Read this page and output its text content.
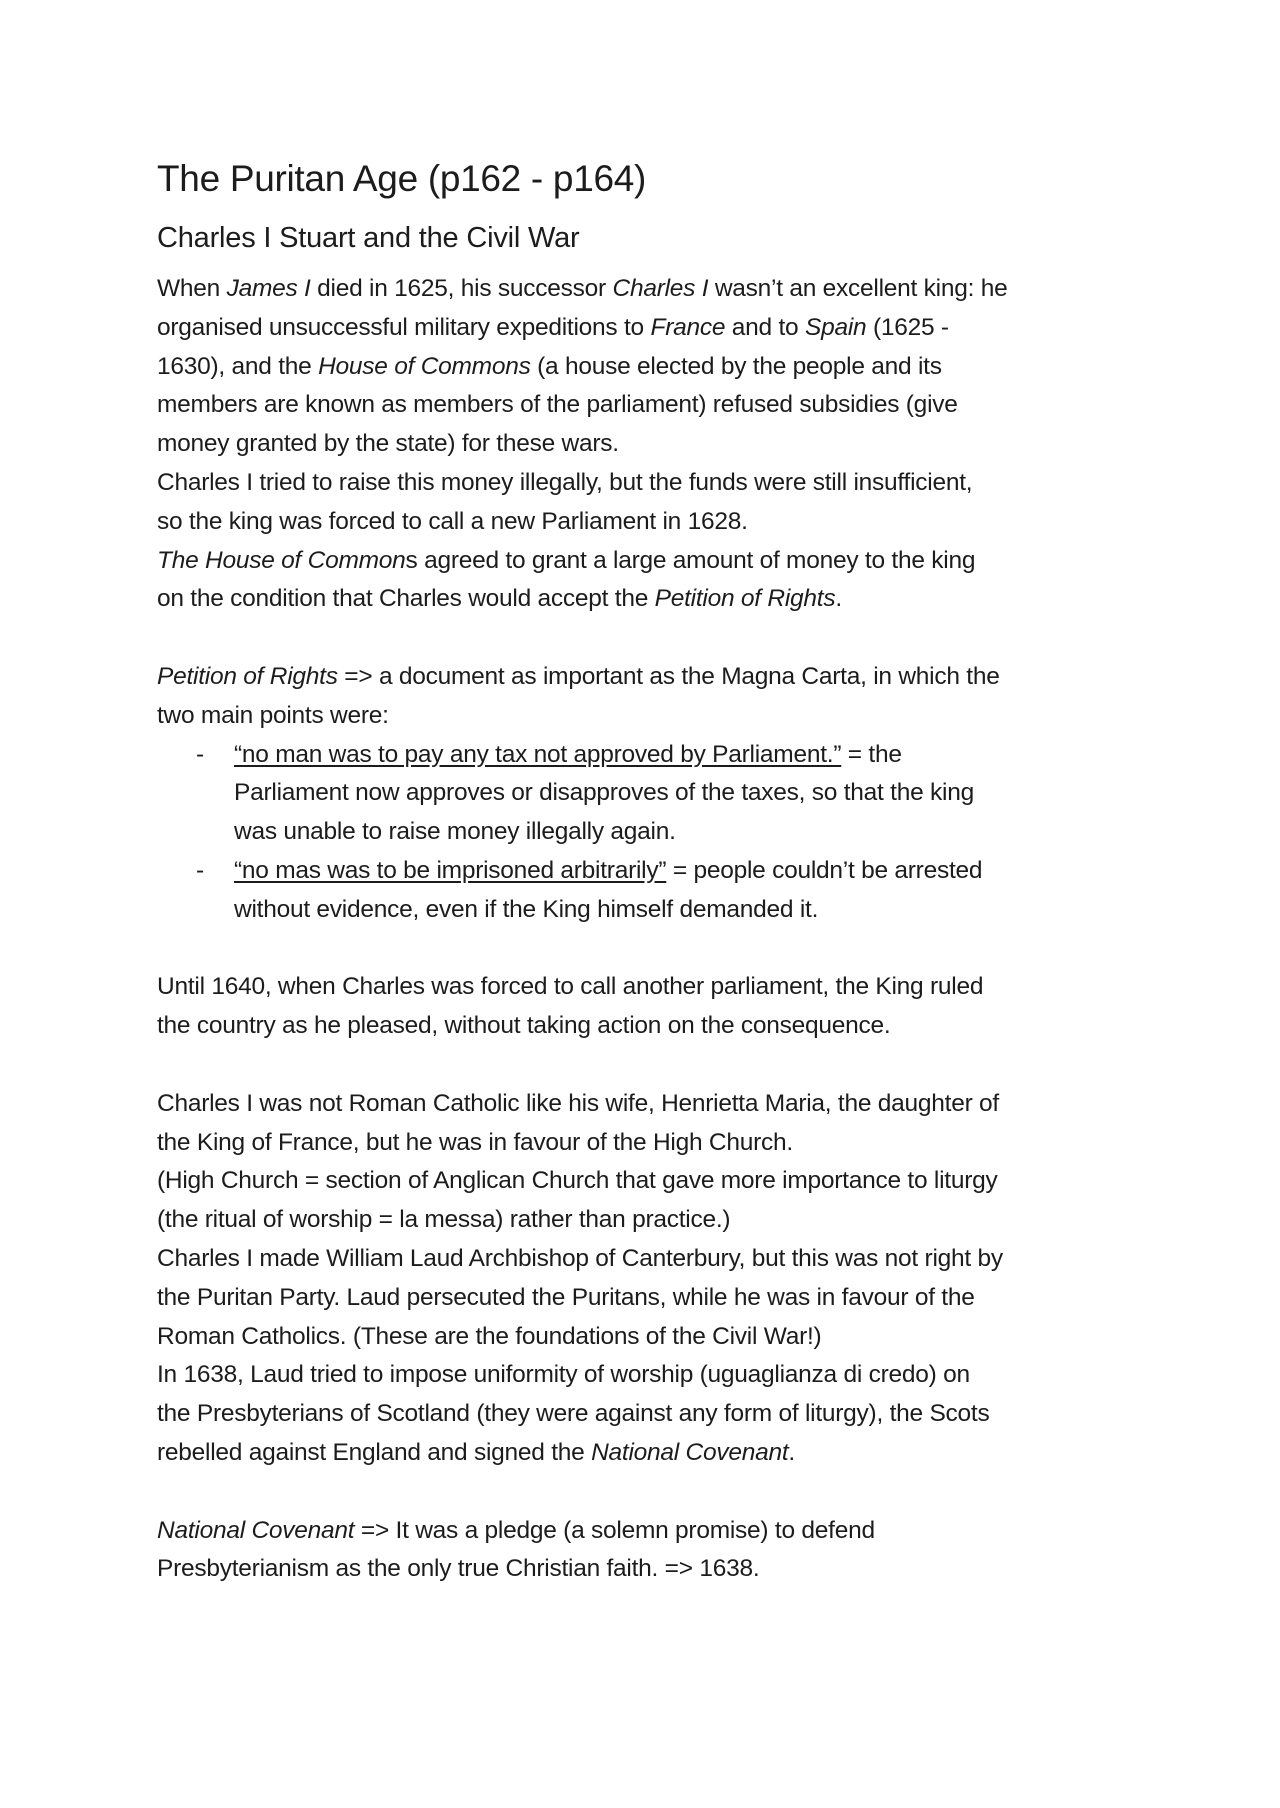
The Puritan Age (p162 - p164)
Charles I Stuart and the Civil War
When James I died in 1625, his successor Charles I wasn’t an excellent king: he
organised unsuccessful military expeditions to France and to Spain (1625 -
1630), and the House of Commons (a house elected by the people and its
members are known as members of the parliament) refused subsidies (give
money granted by the state) for these wars.
Charles I tried to raise this money illegally, but the funds were still insufficient,
so the king was forced to call a new Parliament in 1628.
The House of Commons agreed to grant a large amount of money to the king
on the condition that Charles would accept the Petition of Rights.
Petition of Rights => a document as important as the Magna Carta, in which the
two main points were:
- “no man was to pay any tax not approved by Parliament.” = the
Parliament now approves or disapproves of the taxes, so that the king
was unable to raise money illegally again.
- “no mas was to be imprisoned arbitrarily” = people couldn’t be arrested
without evidence, even if the King himself demanded it.
Until 1640, when Charles was forced to call another parliament, the King ruled
the country as he pleased, without taking action on the consequence.
Charles I was not Roman Catholic like his wife, Henrietta Maria, the daughter of
the King of France, but he was in favour of the High Church.
(High Church = section of Anglican Church that gave more importance to liturgy
(the ritual of worship = la messa) rather than practice.)
Charles I made William Laud Archbishop of Canterbury, but this was not right by
the Puritan Party. Laud persecuted the Puritans, while he was in favour of the
Roman Catholics. (These are the foundations of the Civil War!)
In 1638, Laud tried to impose uniformity of worship (uguaglianza di credo) on
the Presbyterians of Scotland (they were against any form of liturgy), the Scots
rebelled against England and signed the National Covenant.
National Covenant => It was a pledge (a solemn promise) to defend
Presbyterianism as the only true Christian faith. => 1638.
